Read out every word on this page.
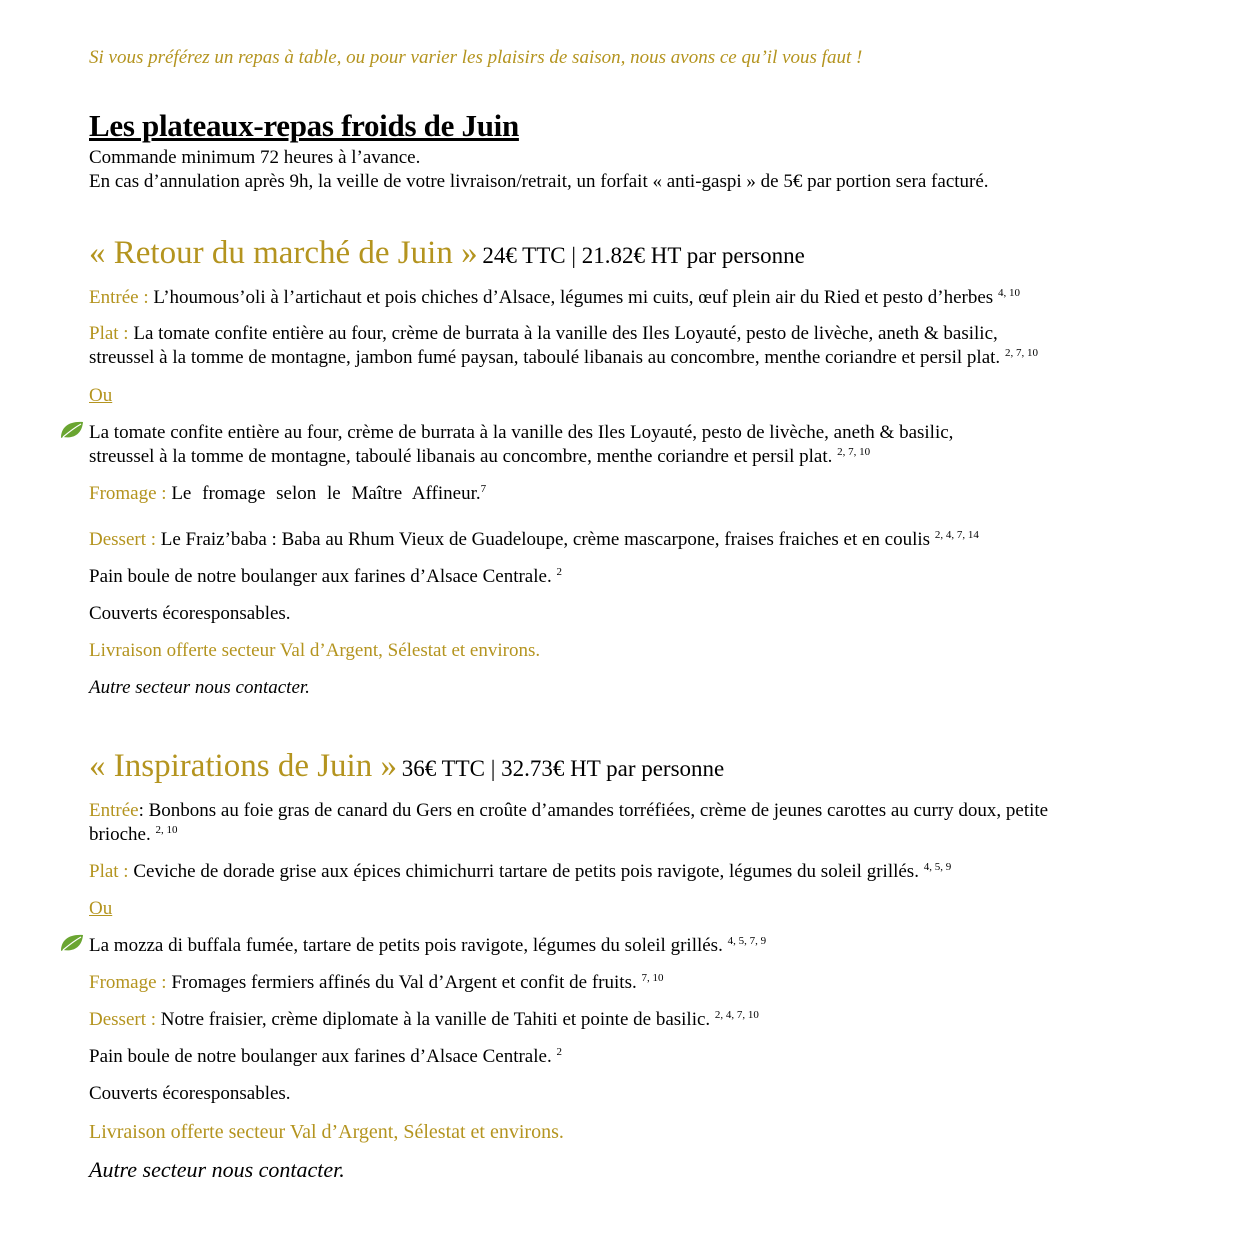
Si vous préférez un repas à table, ou pour varier les plaisirs de saison, nous avons ce qu’il vous faut !
Les plateaux-repas froids de Juin
Commande minimum 72 heures à l’avance.
En cas d’annulation après 9h, la veille de votre livraison/retrait, un forfait « anti-gaspi » de 5€ par portion sera facturé.
« Retour du marché de Juin » 24€ TTC | 21.82€ HT par personne
Entrée : L’houmous’oli à l’artichaut et pois chiches d’Alsace, légumes mi cuits, œuf plein air du Ried et pesto d’herbes $^{4, 10}$
Plat : La tomate confite entière au four, crème de burrata à la vanille des Iles Loyauté, pesto de livèche, aneth & basilic,
streussel à la tomme de montagne, jambon fumé paysan, taboulé libanais au concombre, menthe coriandre et persil plat. $^{2, 7, 10}$
Ou
La tomate confite entière au four, crème de burrata à la vanille des Iles Loyauté, pesto de livèche, aneth & basilic,
streussel à la tomme de montagne, taboulé libanais au concombre, menthe coriandre et persil plat. $^{2, 7, 10}$
Fromage : Le fromage selon le Maître Affineur.$^7$
Dessert : Le Fraiz’baba : Baba au Rhum Vieux de Guadeloupe, crème mascarpone, fraises fraiches et en coulis $^{2, 4, 7, 14}$
Pain boule de notre boulanger aux farines d’Alsace Centrale. $^2$
Couverts écoresponsables.
Livraison offerte secteur Val d’Argent, Sélestat et environs.
Autre secteur nous contacter.
« Inspirations de Juin » 36€ TTC | 32.73€ HT par personne
Entrée: Bonbons au foie gras de canard du Gers en croûte d’amandes torréfiées, crème de jeunes carottes au curry doux, petite
brioche. $^{2, 10}$
Plat : Ceviche de dorade grise aux épices chimichurri tartare de petits pois ravigote, légumes du soleil grillés. $^{4, 5, 9}$
Ou
La mozza di buffala fumée, tartare de petits pois ravigote, légumes du soleil grillés. $^{4, 5, 7, 9}$
Fromage : Fromages fermiers affinés du Val d’Argent et confit de fruits. $^{7, 10}$
Dessert : Notre fraisier, crème diplomate à la vanille de Tahiti et pointe de basilic. $^{2, 4, 7, 10}$
Pain boule de notre boulanger aux farines d’Alsace Centrale. $^2$
Couverts écoresponsables.
Livraison offerte secteur Val d’Argent, Sélestat et environs.
Autre secteur nous contacter.
